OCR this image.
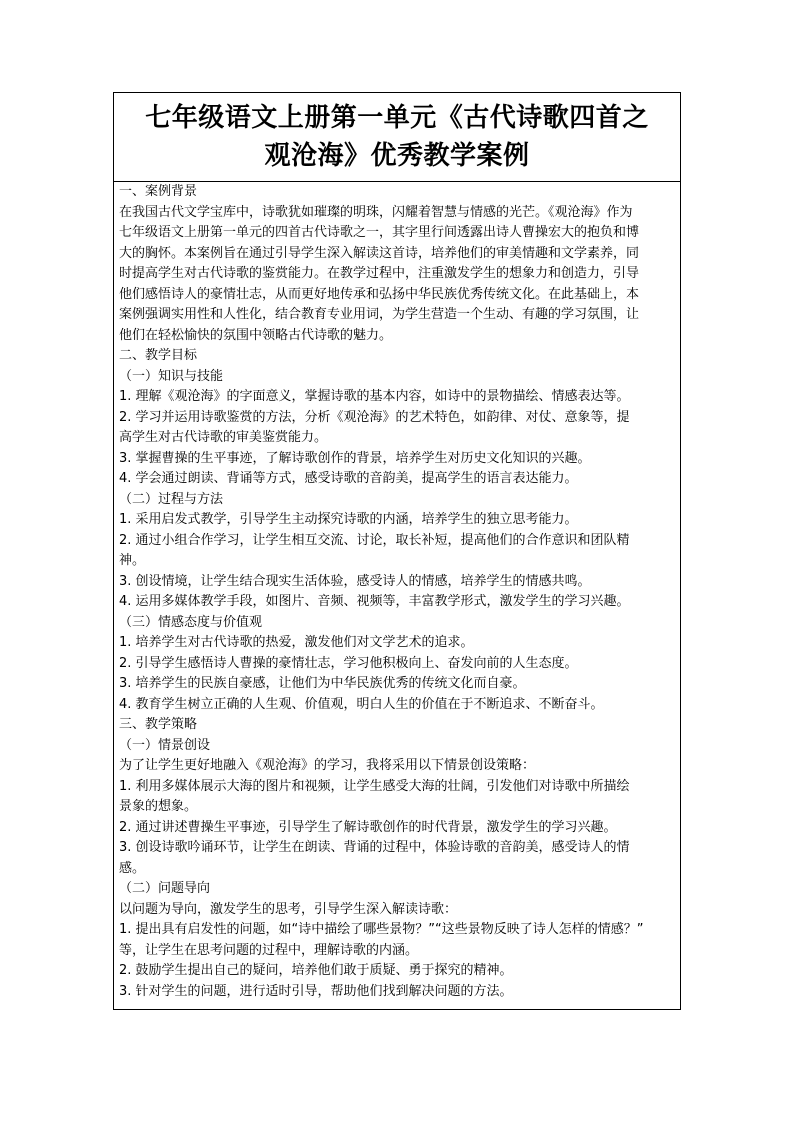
七年级语文上册第一单元《古代诗歌四首之
观沧海》优秀教学案例
一、案例背景
在我国古代文学宝库中，诗歌犹如璀璨的明珠，闪耀着智慧与情感的光芒。《观沧海》作为
七年级语文上册第一单元的四首古代诗歌之一，其字里行间透露出诗人曹操宏大的抱负和博
大的胸怀。本案例旨在通过引导学生深入解读这首诗，培养他们的审美情趣和文学素养，同
时提高学生对古代诗歌的鉴赏能力。在教学过程中，注重激发学生的想象力和创造力，引导
他们感悟诗人的豪情壮志，从而更好地传承和弘扬中华民族优秀传统文化。在此基础上，本
案例强调实用性和人性化，结合教育专业用词，为学生营造一个生动、有趣的学习氛围，让
他们在轻松愉快的氛围中领略古代诗歌的魅力。
二、教学目标
（一）知识与技能
1. 理解《观沧海》的字面意义，掌握诗歌的基本内容，如诗中的景物描绘、情感表达等。
2. 学习并运用诗歌鉴赏的方法，分析《观沧海》的艺术特色，如韵律、对仗、意象等，提
高学生对古代诗歌的审美鉴赏能力。
3. 掌握曹操的生平事迹，了解诗歌创作的背景，培养学生对历史文化知识的兴趣。
4. 学会通过朗读、背诵等方式，感受诗歌的音韵美，提高学生的语言表达能力。
（二）过程与方法
1. 采用启发式教学，引导学生主动探究诗歌的内涵，培养学生的独立思考能力。
2. 通过小组合作学习，让学生相互交流、讨论，取长补短，提高他们的合作意识和团队精
神。
3. 创设情境，让学生结合现实生活体验，感受诗人的情感，培养学生的情感共鸣。
4. 运用多媒体教学手段，如图片、音频、视频等，丰富教学形式，激发学生的学习兴趣。
（三）情感态度与价值观
1. 培养学生对古代诗歌的热爱，激发他们对文学艺术的追求。
2. 引导学生感悟诗人曹操的豪情壮志，学习他积极向上、奋发向前的人生态度。
3. 培养学生的民族自豪感，让他们为中华民族优秀的传统文化而自豪。
4. 教育学生树立正确的人生观、价值观，明白人生的价值在于不断追求、不断奋斗。
三、教学策略
（一）情景创设
为了让学生更好地融入《观沧海》的学习，我将采用以下情景创设策略：
1. 利用多媒体展示大海的图片和视频，让学生感受大海的壮阔，引发他们对诗歌中所描绘
景象的想象。
2. 通过讲述曹操生平事迹，引导学生了解诗歌创作的时代背景，激发学生的学习兴趣。
3. 创设诗歌吟诵环节，让学生在朗读、背诵的过程中，体验诗歌的音韵美，感受诗人的情
感。
（二）问题导向
以问题为导向，激发学生的思考，引导学生深入解读诗歌：
1. 提出具有启发性的问题，如“诗中描绘了哪些景物？”“这些景物反映了诗人怎样的情感？”
等，让学生在思考问题的过程中，理解诗歌的内涵。
2. 鼓励学生提出自己的疑问，培养他们敢于质疑、勇于探究的精神。
3. 针对学生的问题，进行适时引导，帮助他们找到解决问题的方法。
